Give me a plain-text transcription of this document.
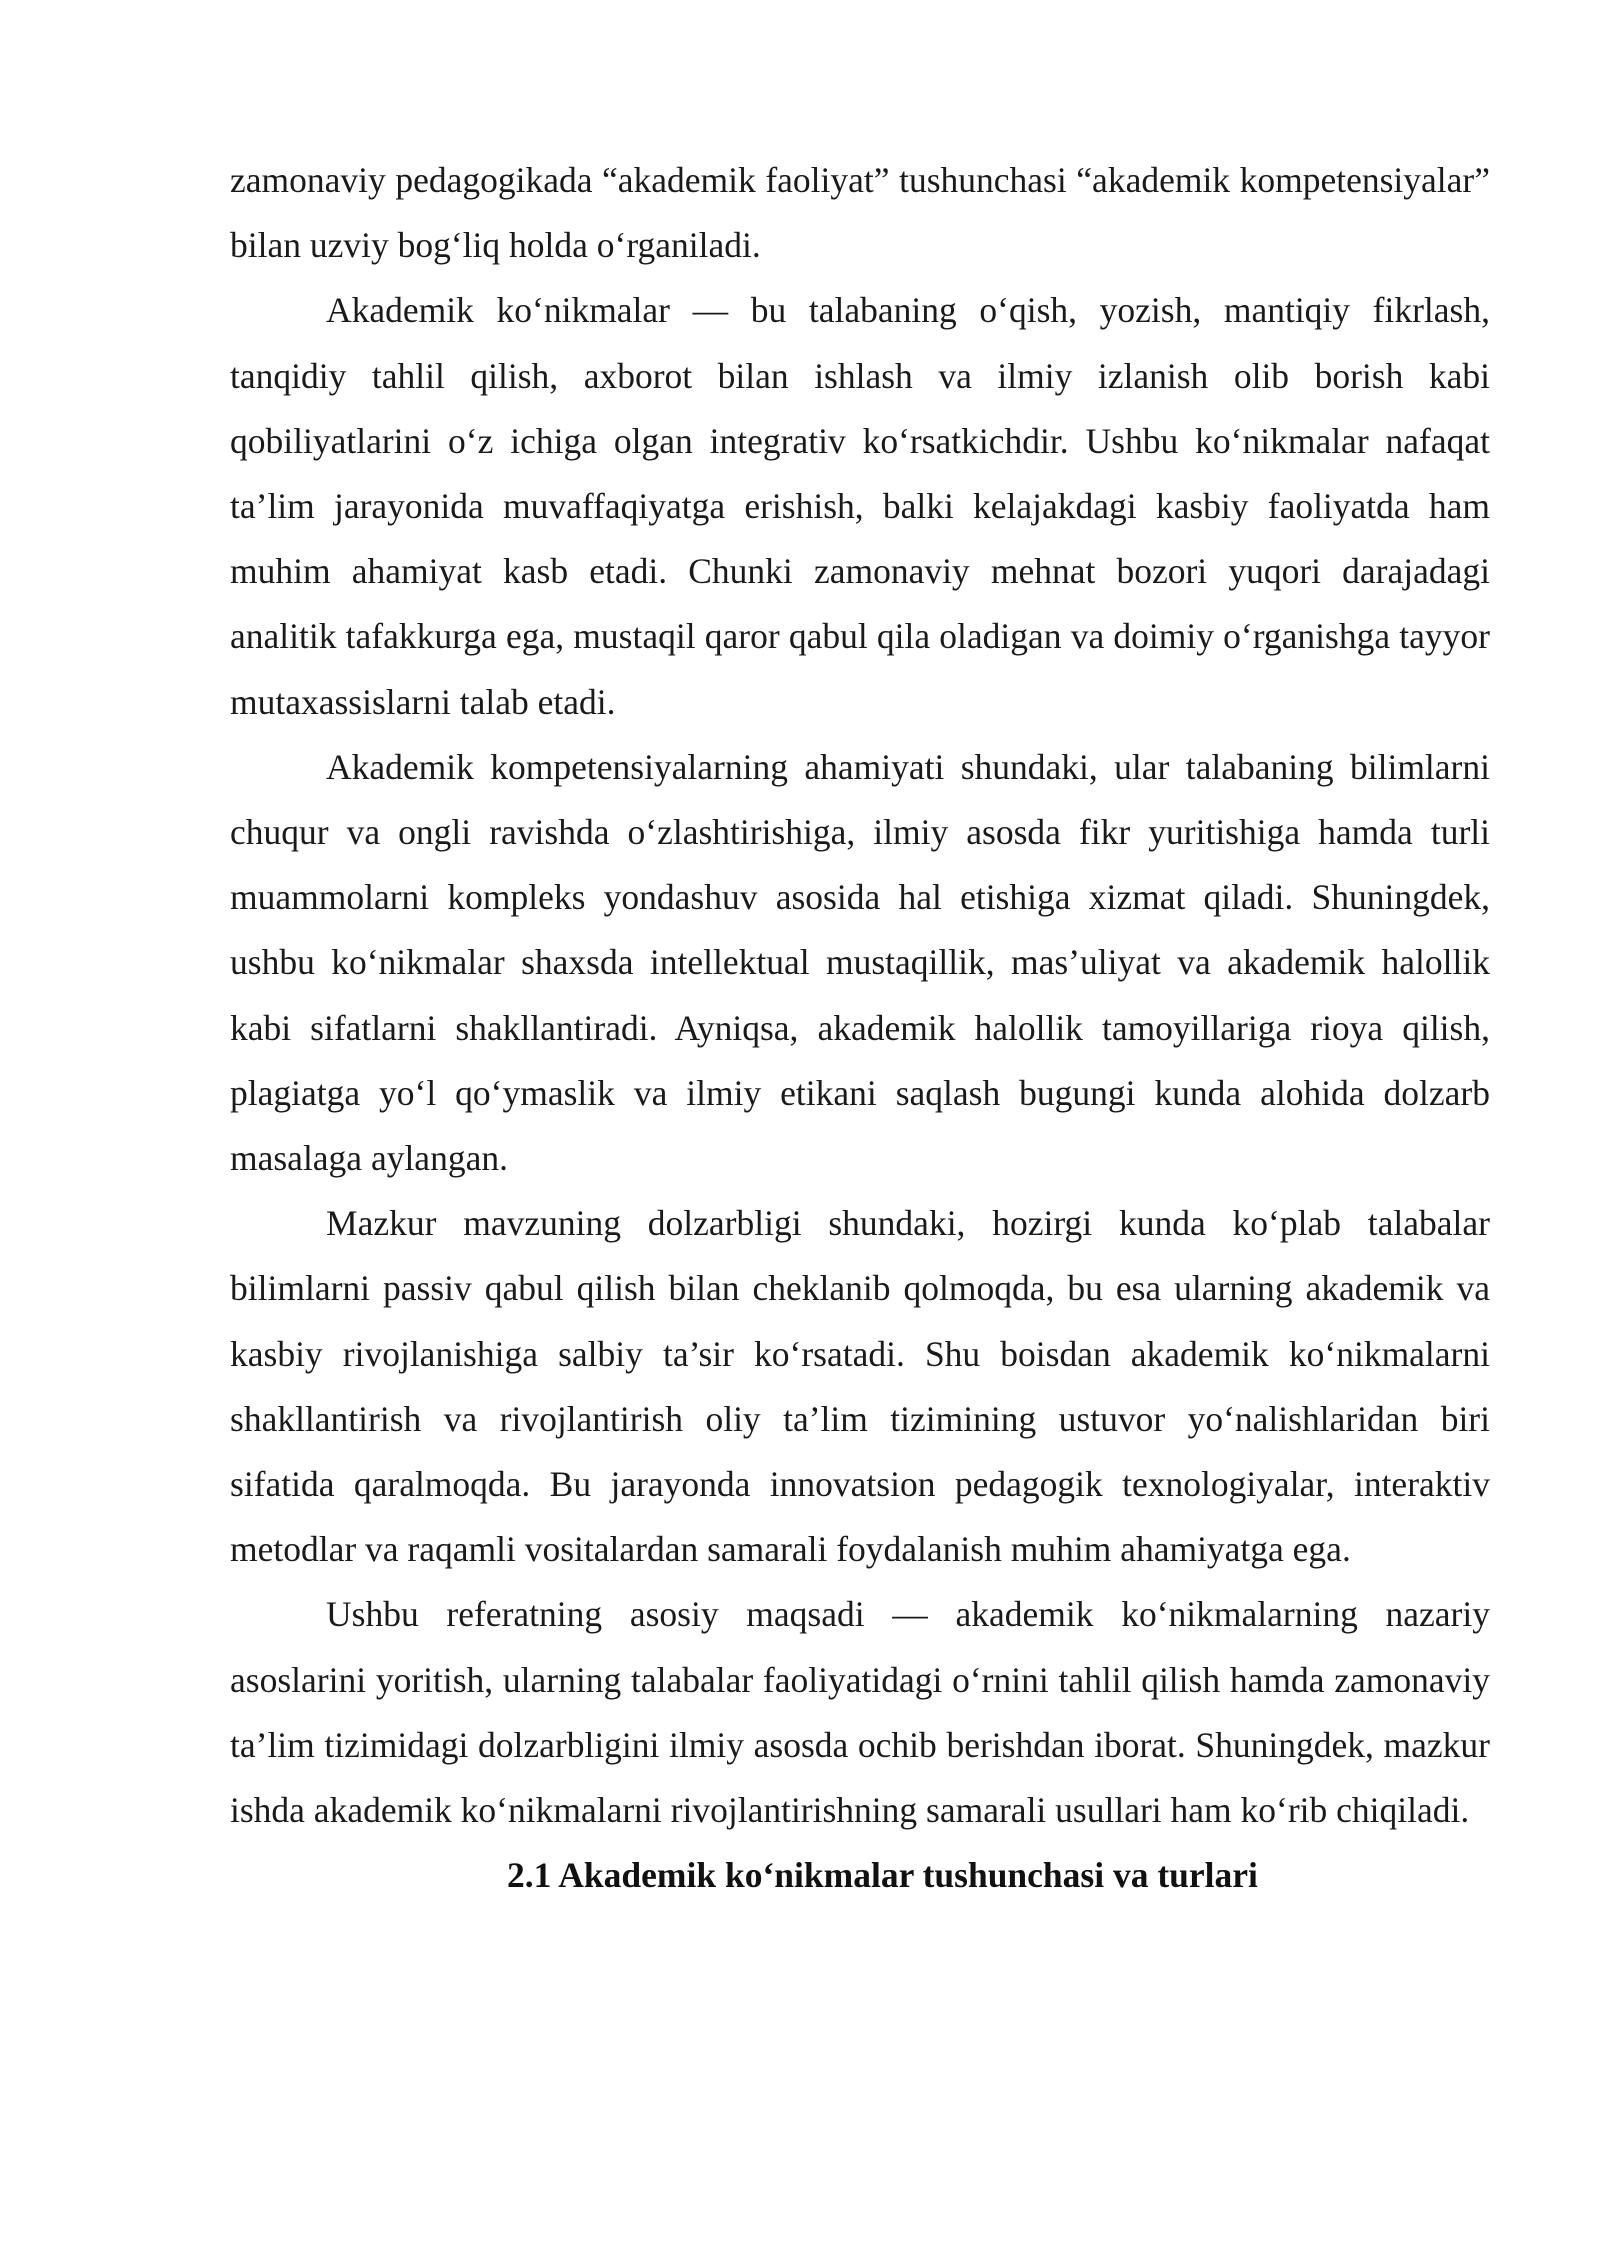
zamonaviy pedagogikada “akademik faoliyat” tushunchasi “akademik kompetensiyalar” bilan uzviy bog‘liq holda o‘rganiladi.

Akademik ko‘nikmalar — bu talabaning o‘qish, yozish, mantiqiy fikrlash, tanqidiy tahlil qilish, axborot bilan ishlash va ilmiy izlanish olib borish kabi qobiliyatlarini o‘z ichiga olgan integrativ ko‘rsatkichdir. Ushbu ko‘nikmalar nafaqat ta’lim jarayonida muvaffaqiyatga erishish, balki kelajakdagi kasbiy faoliyatda ham muhim ahamiyat kasb etadi. Chunki zamonaviy mehnat bozori yuqori darajadagi analitik tafakkurga ega, mustaqil qaror qabul qila oladigan va doimiy o‘rganishga tayyor mutaxassislarni talab etadi.

Akademik kompetensiyalarning ahamiyati shundaki, ular talabaning bilimlarni chuqur va ongli ravishda o‘zlashtirishiga, ilmiy asosda fikr yuritishiga hamda turli muammolarni kompleks yondashuv asosida hal etishiga xizmat qiladi. Shuningdek, ushbu ko‘nikmalar shaxsda intellektual mustaqillik, mas’uliyat va akademik halollik kabi sifatlarni shakllantiradi. Ayniqsa, akademik halollik tamoyillariga rioya qilish, plagiatga yo‘l qo‘ymaslik va ilmiy etikani saqlash bugungi kunda alohida dolzarb masalaga aylangan.

Mazkur mavzuning dolzarbligi shundaki, hozirgi kunda ko‘plab talabalar bilimlarni passiv qabul qilish bilan cheklanib qolmoqda, bu esa ularning akademik va kasbiy rivojlanishiga salbiy ta’sir ko‘rsatadi. Shu boisdan akademik ko‘nikmalarni shakllantirish va rivojlantirish oliy ta’lim tizimining ustuvor yo‘nalishlaridan biri sifatida qaralmoqda. Bu jarayonda innovatsion pedagogik texnologiyalar, interaktiv metodlar va raqamli vositalardan samarali foydalanish muhim ahamiyatga ega.

Ushbu referatning asosiy maqsadi — akademik ko‘nikmalarning nazariy asoslarini yoritish, ularning talabalar faoliyatidagi o‘rnini tahlil qilish hamda zamonaviy ta’lim tizimidagi dolzarbligini ilmiy asosda ochib berishdan iborat. Shuningdek, mazkur ishda akademik ko‘nikmalarni rivojlantirishning samarali usullari ham ko‘rib chiqiladi.

2.1 Akademik ko‘nikmalar tushunchasi va turlari
